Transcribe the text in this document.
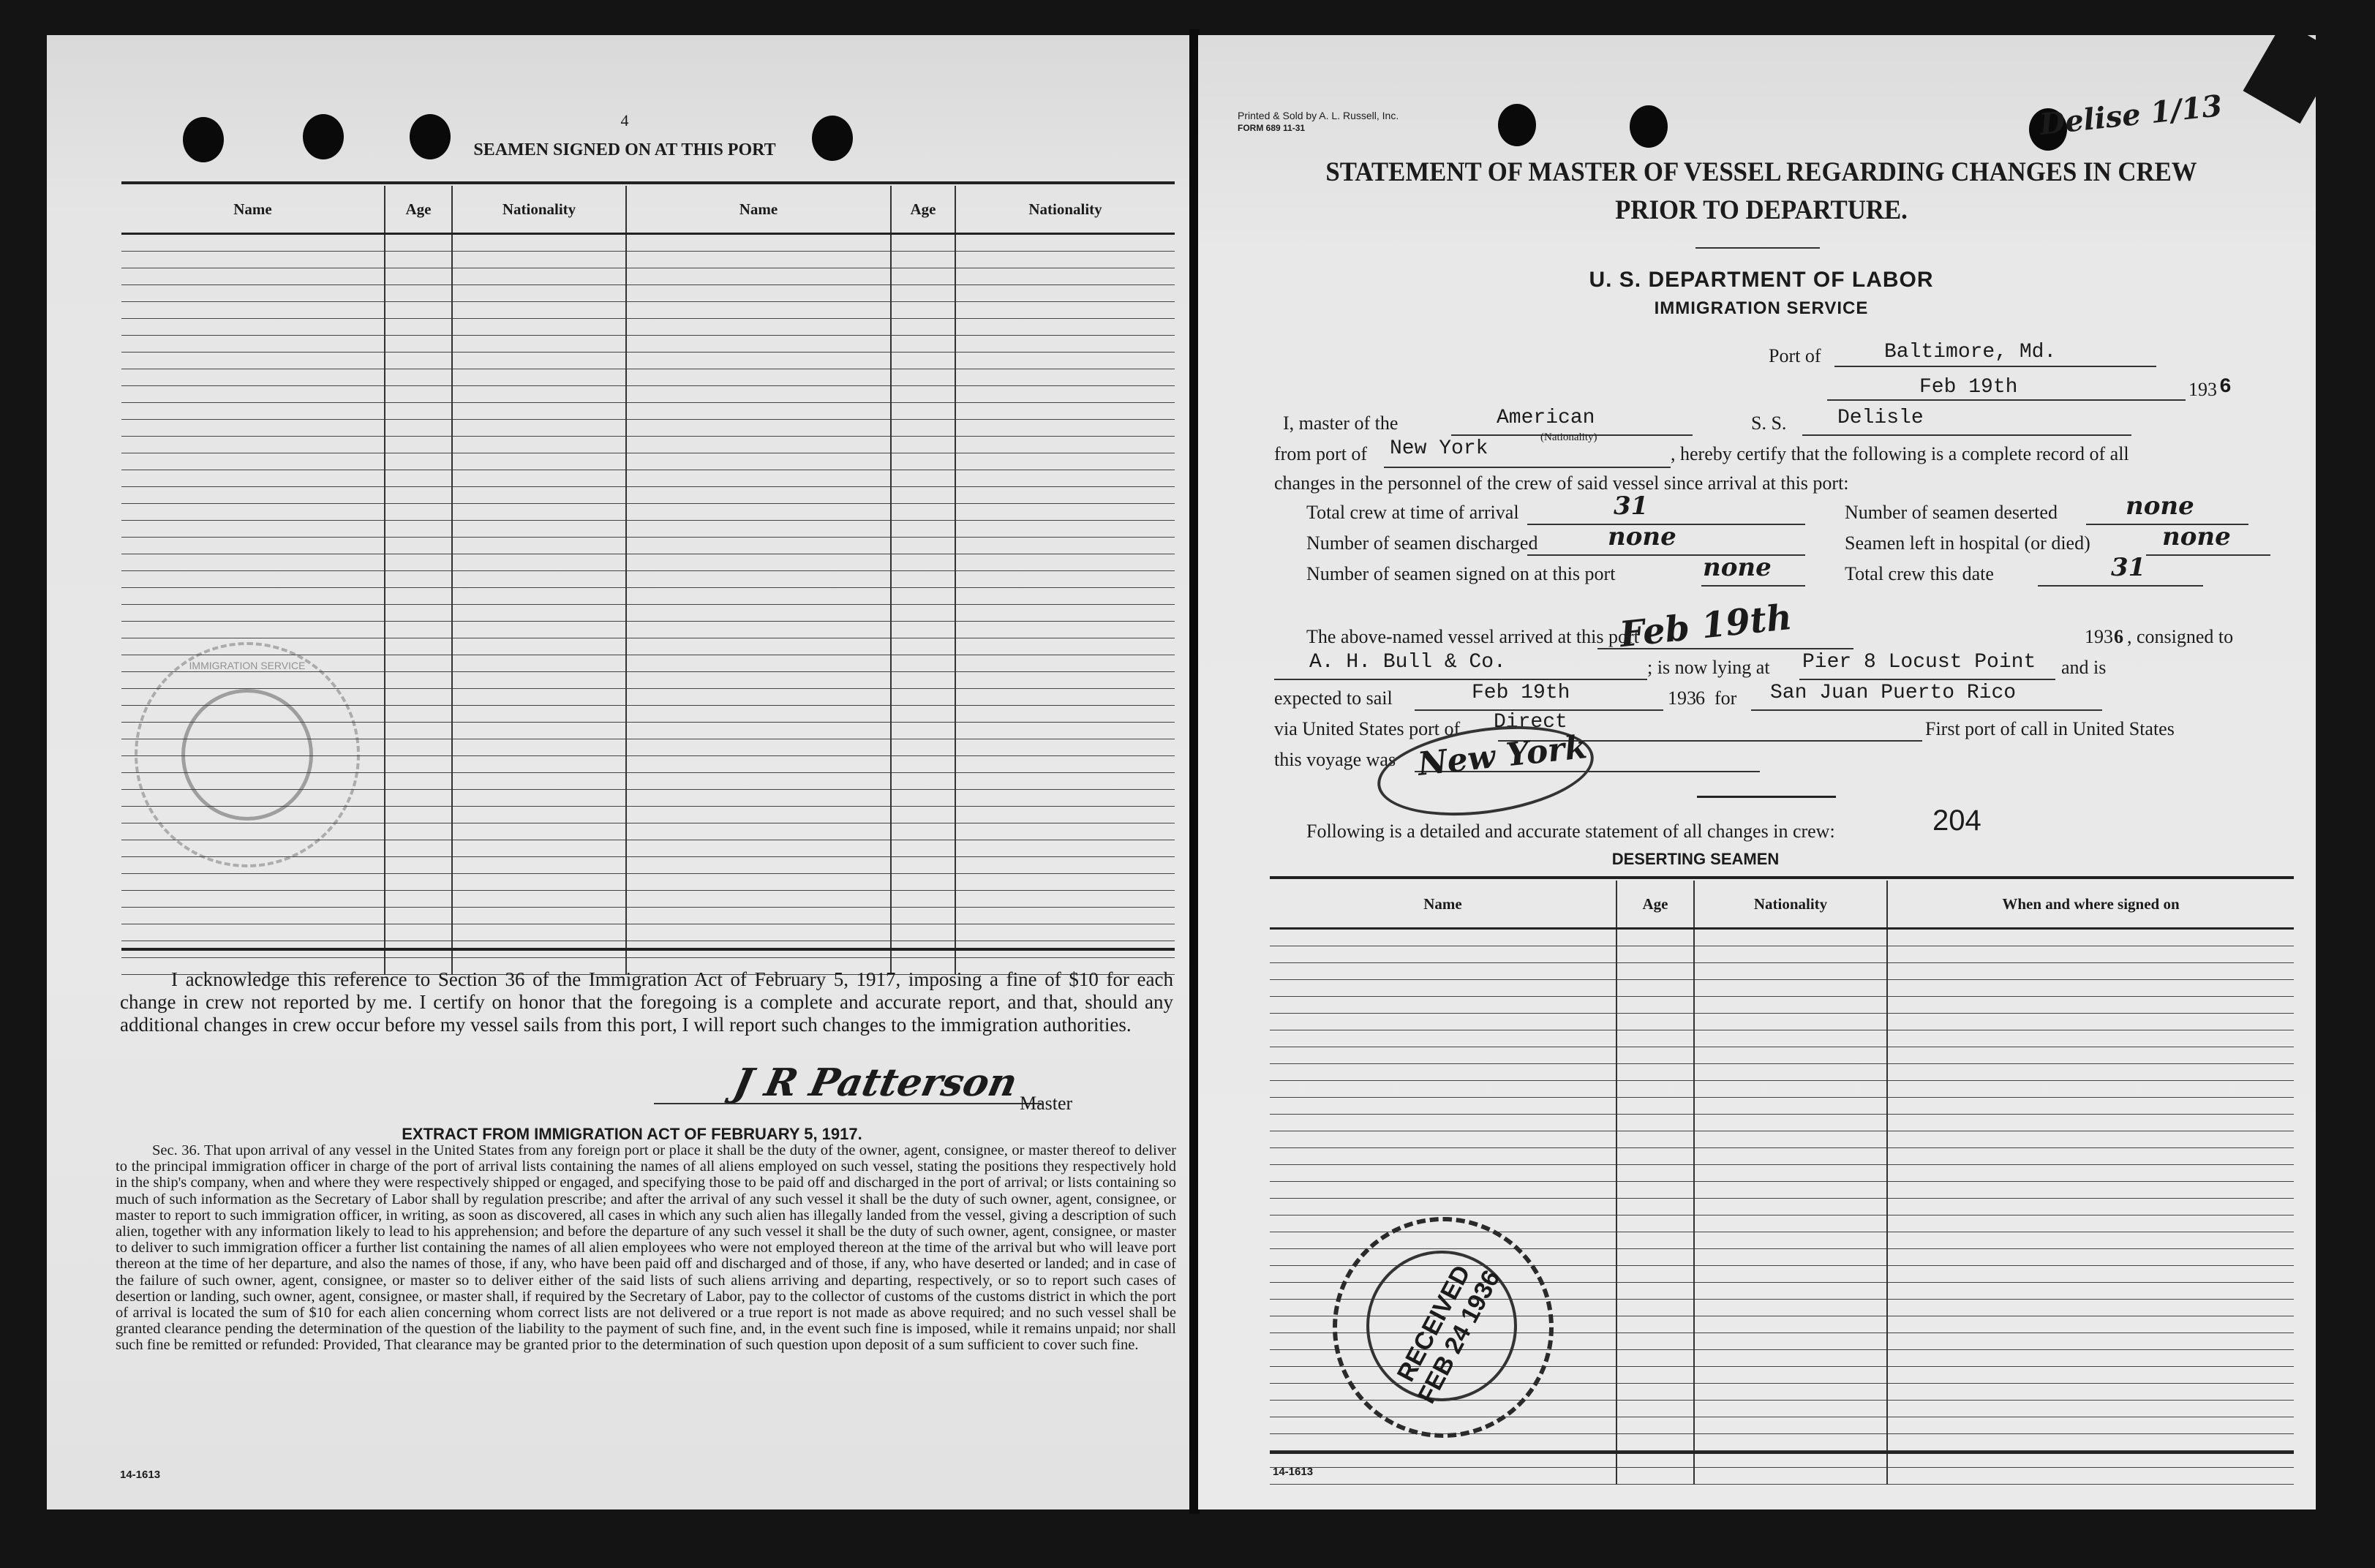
4
SEAMEN SIGNED ON AT THIS PORT
Name	Age	Nationality	Name	Age	Nationality

I acknowledge this reference to Section 36 of the Immigration Act of February 5, 1917, imposing a fine of $10 for each change in crew not reported by me. I certify on honor that the foregoing is a complete and accurate report, and that, should any additional changes in crew occur before my vessel sails from this port, I will report such changes to the immigration authorities.
J R Patterson
Master
EXTRACT FROM IMMIGRATION ACT OF FEBRUARY 5, 1917.
Sec. 36. That upon arrival of any vessel in the United States from any foreign port or place it shall be the duty of the owner, agent, consignee, or master thereof to deliver to the principal immigration officer in charge of the port of arrival lists containing the names of all aliens employed on such vessel, stating the positions they respectively hold in the ship's company, when and where they were respectively shipped or engaged, and specifying those to be paid off and discharged in the port of arrival; or lists containing so much of such information as the Secretary of Labor shall by regulation prescribe; and after the arrival of any such vessel it shall be the duty of such owner, agent, consignee, or master to report to such immigration officer, in writing, as soon as discovered, all cases in which any such alien has illegally landed from the vessel, giving a description of such alien, together with any information likely to lead to his apprehension; and before the departure of any such vessel it shall be the duty of such owner, agent, consignee, or master to deliver to such immigration officer a further list containing the names of all alien employees who were not employed thereon at the time of the arrival but who will leave port thereon at the time of her departure, and also the names of those, if any, who have been paid off and discharged and of those, if any, who have deserted or landed; and in case of the failure of such owner, agent, consignee, or master so to deliver either of the said lists of such aliens arriving and departing, respectively, or so to report such cases of desertion or landing, such owner, agent, consignee, or master shall, if required by the Secretary of Labor, pay to the collector of customs of the customs district in which the port of arrival is located the sum of $10 for each alien concerning whom correct lists are not delivered or a true report is not made as above required; and no such vessel shall be granted clearance pending the determination of the question of the liability to the payment of such fine, and, in the event such fine is imposed, while it remains unpaid; nor shall such fine be remitted or refunded: Provided, That clearance may be granted prior to the determination of such question upon deposit of a sum sufficient to cover such fine.
14-1613
IMMIGRATION SERVICE
Printed & Sold by A. L. Russell, Inc.
FORM 689 11-31	Delise 1/13
STATEMENT OF MASTER OF VESSEL REGARDING CHANGES IN CREW
PRIOR TO DEPARTURE.
U. S. DEPARTMENT OF LABOR
IMMIGRATION SERVICE
Port of	Baltimore, Md.
Feb 19th	193 6
I, master of the	American
(Nationality)
S. S. Delisle
from port of New York	, hereby certify that the following is a complete record of all
changes in the personnel of the crew of said vessel since arrival at this port:
Total crew at time of arrival	31	Number of seamen deserted	none
Number of seamen discharged	none	Seamen left in hospital (or died)	none
Number of seamen signed on at this port	none	Total crew this date	31
The above-named vessel arrived at this port
Feb 19th	193 6 , consigned to
A. H. Bull & Co.	; is now lying at Pier 8 Locust Point and is
expected to sail	Feb 19th	193 6 for San Juan Puerto Rico
via United States port of Direct	First port of call in United States
this voyage was New York
204
Following is a detailed and accurate statement of all changes in crew:
DESERTING SEAMEN
Name	Age	Nationality	When and where signed on

14-1613
RECEIVED FEB 24 1936
